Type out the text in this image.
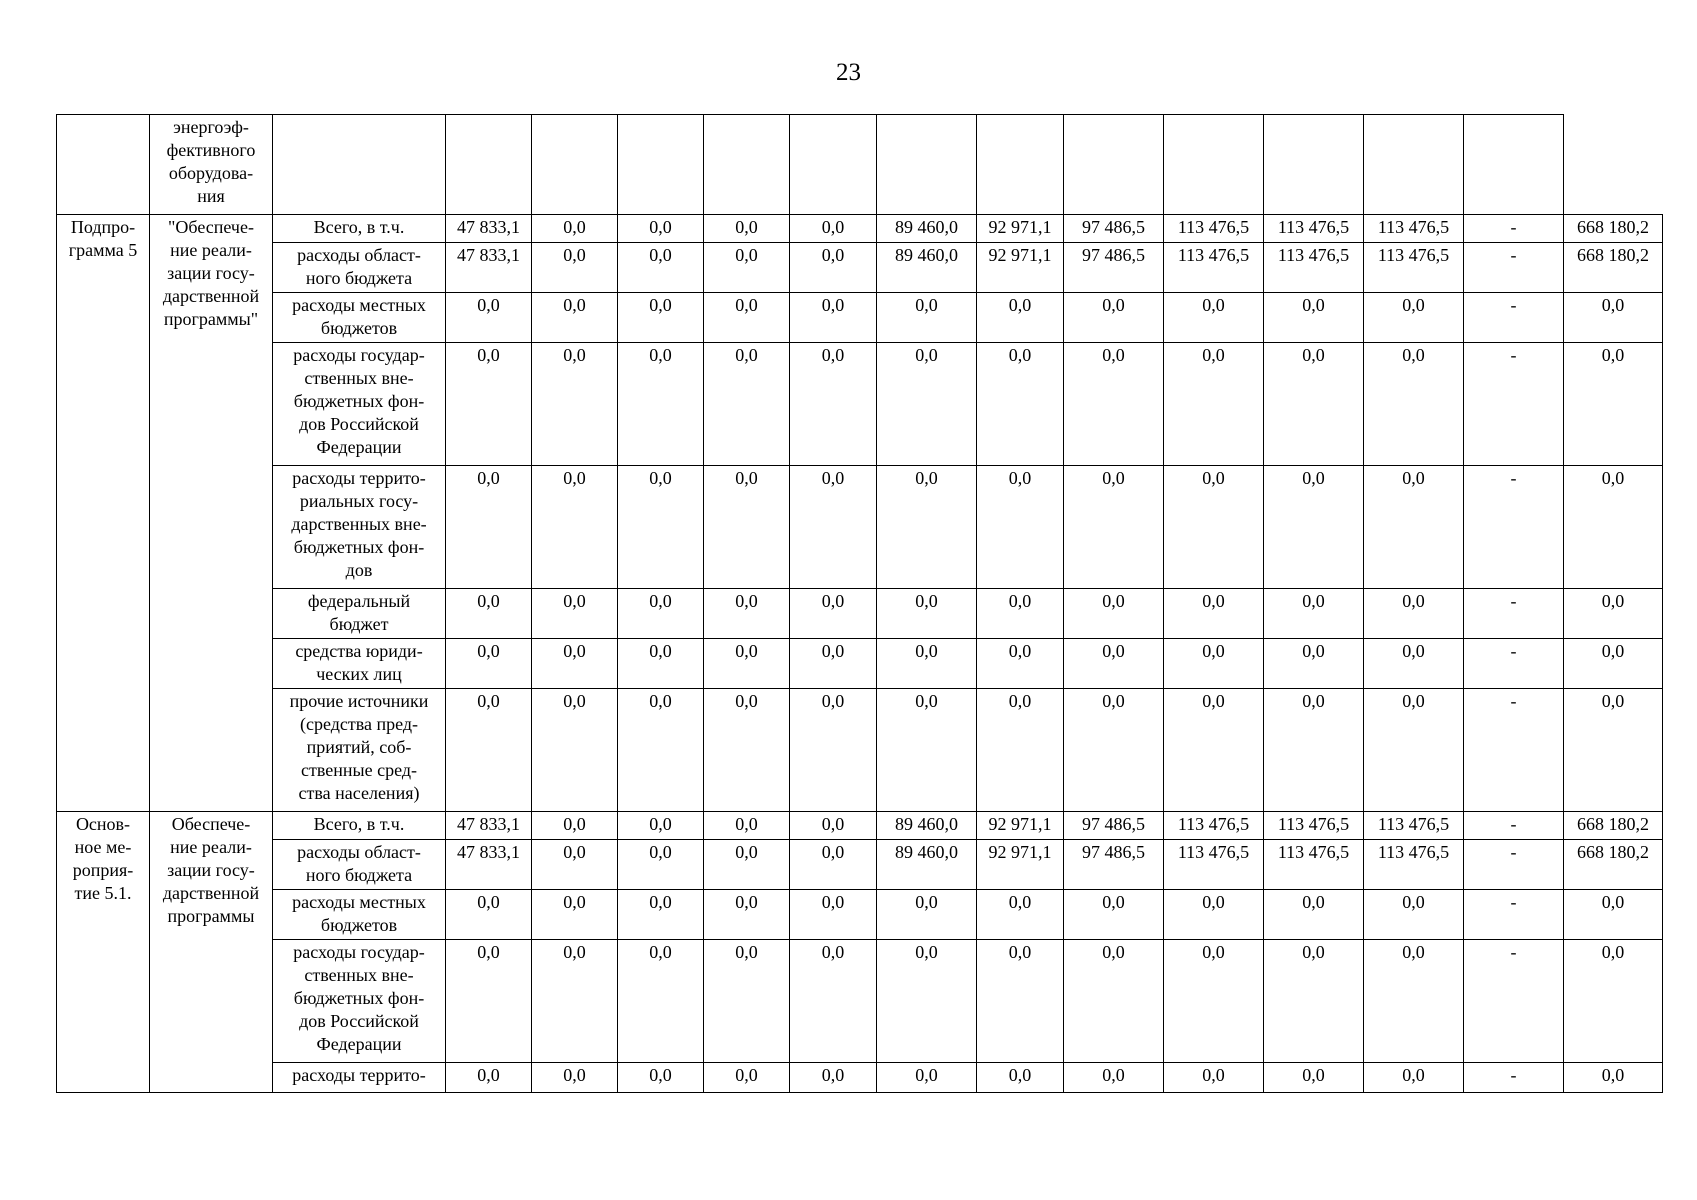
23
	энергоэф-
фективного
оборудова-
ния														
Подпро-
грамма 5	"Обеспече-
ние реали-
зации госу-
дарственной
программы"	Всего, в т.ч.	47 833,1	0,0	0,0	0,0	0,0	89 460,0	92 971,1	97 486,5	113 476,5	113 476,5	113 476,5	-	668 180,2
		расходы област-
ного бюджета	47 833,1	0,0	0,0	0,0	0,0	89 460,0	92 971,1	97 486,5	113 476,5	113 476,5	113 476,5	-	668 180,2
		расходы местных
бюджетов	0,0	0,0	0,0	0,0	0,0	0,0	0,0	0,0	0,0	0,0	0,0	-	0,0
		расходы государ-
ственных вне-
бюджетных фон-
дов Российской
Федерации	0,0	0,0	0,0	0,0	0,0	0,0	0,0	0,0	0,0	0,0	0,0	-	0,0
		расходы террито-
риальных госу-
дарственных вне-
бюджетных фон-
дов	0,0	0,0	0,0	0,0	0,0	0,0	0,0	0,0	0,0	0,0	0,0	-	0,0
		федеральный
бюджет	0,0	0,0	0,0	0,0	0,0	0,0	0,0	0,0	0,0	0,0	0,0	-	0,0
		средства юриди-
ческих лиц	0,0	0,0	0,0	0,0	0,0	0,0	0,0	0,0	0,0	0,0	0,0	-	0,0
		прочие источники
(средства пред-
приятий, соб-
ственные сред-
ства населения)	0,0	0,0	0,0	0,0	0,0	0,0	0,0	0,0	0,0	0,0	0,0	-	0,0
Основ-
ное ме-
роприя-
тие 5.1.	Обеспече-
ние реали-
зации госу-
дарственной
программы	Всего, в т.ч.	47 833,1	0,0	0,0	0,0	0,0	89 460,0	92 971,1	97 486,5	113 476,5	113 476,5	113 476,5	-	668 180,2
		расходы област-
ного бюджета	47 833,1	0,0	0,0	0,0	0,0	89 460,0	92 971,1	97 486,5	113 476,5	113 476,5	113 476,5	-	668 180,2
		расходы местных
бюджетов	0,0	0,0	0,0	0,0	0,0	0,0	0,0	0,0	0,0	0,0	0,0	-	0,0
		расходы государ-
ственных вне-
бюджетных фон-
дов Российской
Федерации	0,0	0,0	0,0	0,0	0,0	0,0	0,0	0,0	0,0	0,0	0,0	-	0,0
		расходы террито-	0,0	0,0	0,0	0,0	0,0	0,0	0,0	0,0	0,0	0,0	0,0	-	0,0
